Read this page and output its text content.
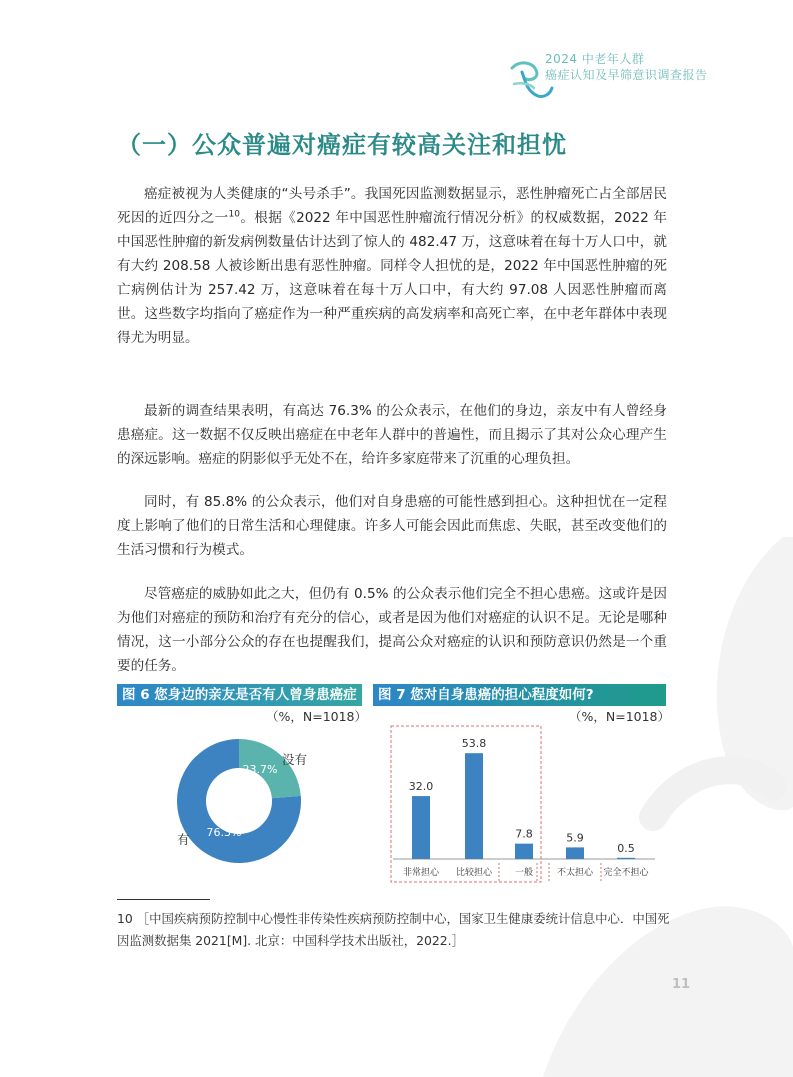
2024 中老年人群
癌症认知及早筛意识调查报告
（一）公众普遍对癌症有较高关注和担忧

癌症被视为人类健康的“头号杀手”。我国死因监测数据显示，恶性肿瘤死亡占全部居民死因的近四分之一$^{10}$。根据《2022 年中国恶性肿瘤流行情况分析》的权威数据，2022 年中国恶性肿瘤的新发病例数量估计达到了惊人的 482.47 万，这意味着在每十万人口中，就有大约 208.58 人被诊断出患有恶性肿瘤。同样令人担忧的是，2022 年中国恶性肿瘤的死亡病例估计为 257.42 万，这意味着在每十万人口中，有大约 97.08 人因恶性肿瘤而离世。这些数字均指向了癌症作为一种严重疾病的高发病率和高死亡率，在中老年群体中表现得尤为明显。

最新的调查结果表明，有高达 76.3% 的公众表示，在他们的身边，亲友中有人曾经身患癌症。这一数据不仅反映出癌症在中老年人群中的普遍性，而且揭示了其对公众心理产生的深远影响。癌症的阴影似乎无处不在，给许多家庭带来了沉重的心理负担。

同时，有 85.8% 的公众表示，他们对自身患癌的可能性感到担心。这种担忧在一定程度上影响了他们的日常生活和心理健康。许多人可能会因此而焦虑、失眠，甚至改变他们的生活习惯和行为模式。

尽管癌症的威胁如此之大，但仍有 0.5% 的公众表示他们完全不担心患癌。这或许是因为他们对癌症的预防和治疗有充分的信心，或者是因为他们对癌症的认识不足。无论是哪种情况，这一小部分公众的存在也提醒我们，提高公众对癌症的认识和预防意识仍然是一个重要的任务。

图 6 您身边的亲友是否有人曾身患癌症
（%，N=1018）
76.3%
23.7%
有
没有
图 7 您对自身患癌的担心程度如何?
（%，N=1018）
32.0
非常担心
53.8
比较担心
7.8
一般
5.9
不太担心
0.5
完全不担心

10 ［中国疾病预防控制中心慢性非传染性疾病预防控制中心，国家卫生健康委统计信息中心．中国死因监测数据集 2021[M]. 北京：中国科学技术出版社，2022.］

11
